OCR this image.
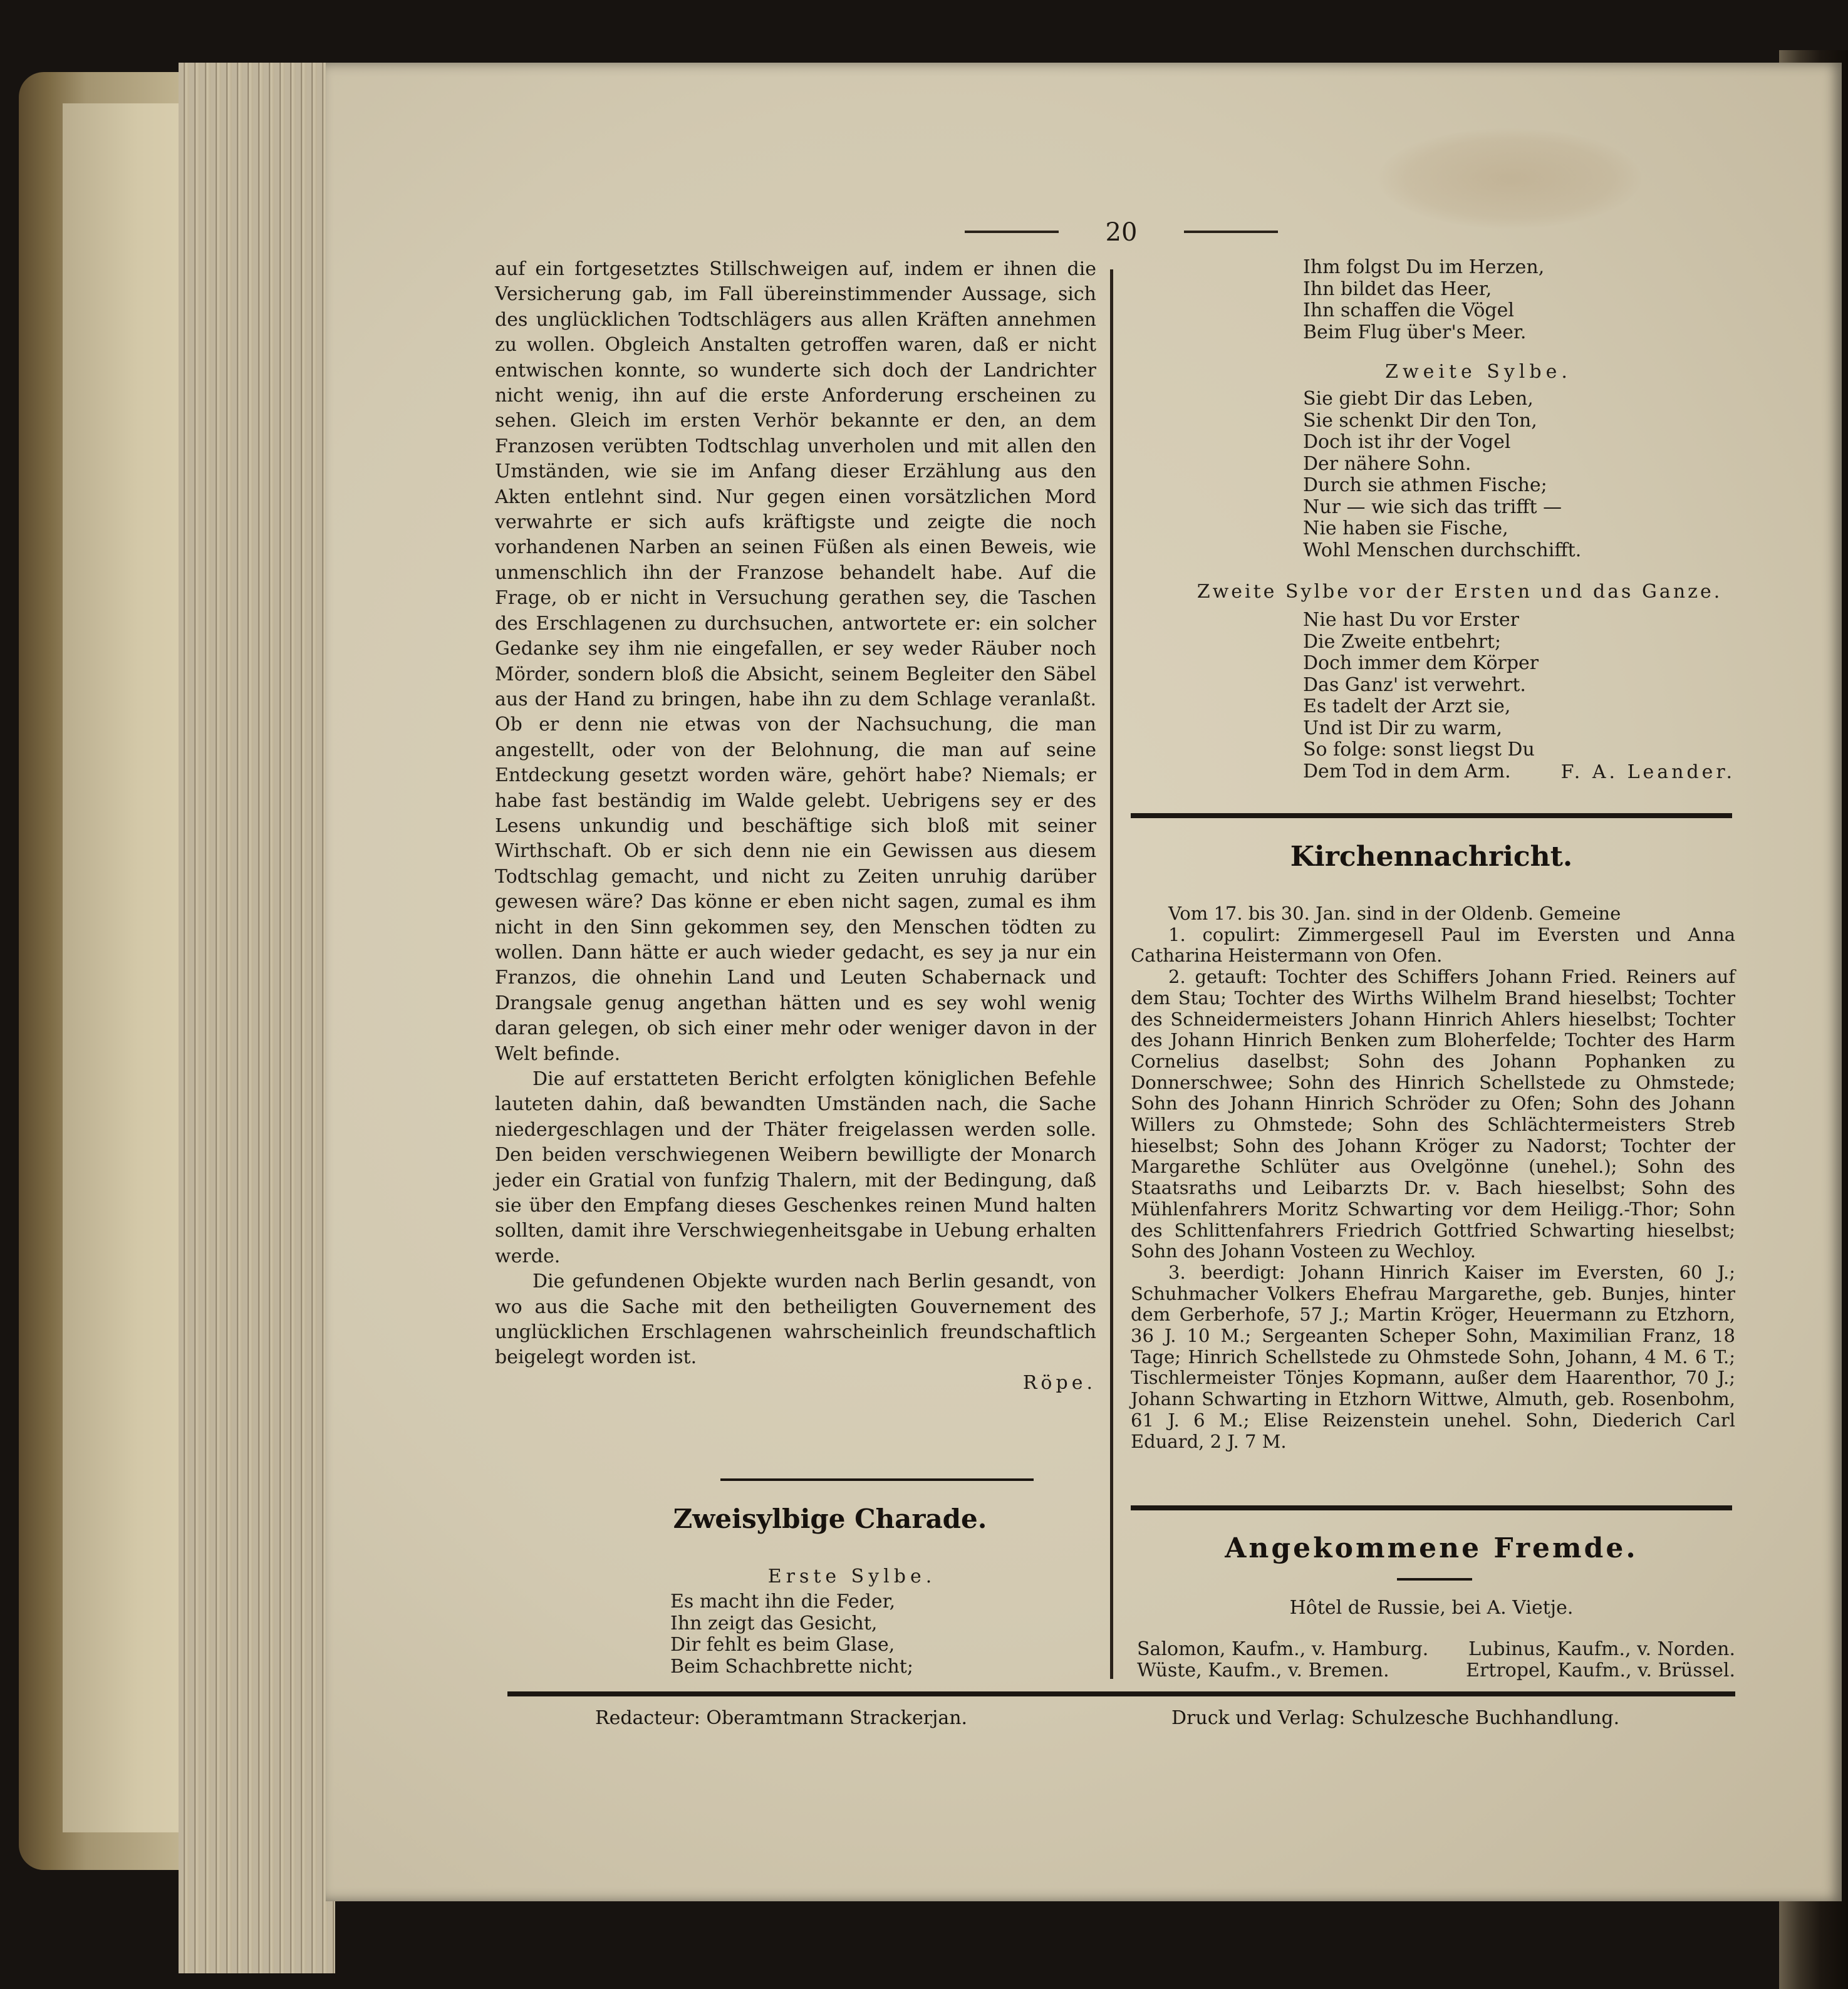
20

auf ein fortgesetztes Stillschweigen auf, indem er ihnen die Versicherung gab, im Fall übereinstimmender Aussage, sich des unglücklichen Todtschlägers aus allen Kräften annehmen zu wollen. Obgleich Anstalten getroffen waren, daß er nicht entwischen konnte, so wunderte sich doch der Landrichter nicht wenig, ihn auf die erste Anforderung erscheinen zu sehen. Gleich im ersten Verhör bekannte er den, an dem Franzosen verübten Todtschlag unverholen und mit allen den Umständen, wie sie im Anfang dieser Erzählung aus den Akten entlehnt sind. Nur gegen einen vorsätzlichen Mord verwahrte er sich aufs kräftigste und zeigte die noch vorhandenen Narben an seinen Füßen als einen Beweis, wie unmenschlich ihn der Franzose behandelt habe. Auf die Frage, ob er nicht in Versuchung gerathen sey, die Taschen des Erschlagenen zu durchsuchen, antwortete er: ein solcher Gedanke sey ihm nie eingefallen, er sey weder Räuber noch Mörder, sondern bloß die Absicht, seinem Begleiter den Säbel aus der Hand zu bringen, habe ihn zu dem Schlage veranlaßt. Ob er denn nie etwas von der Nachsuchung, die man angestellt, oder von der Belohnung, die man auf seine Entdeckung gesetzt worden wäre, gehört habe? Niemals; er habe fast beständig im Walde gelebt. Uebrigens sey er des Lesens unkundig und beschäftige sich bloß mit seiner Wirthschaft. Ob er sich denn nie ein Gewissen aus diesem Todtschlag gemacht, und nicht zu Zeiten unruhig darüber gewesen wäre? Das könne er eben nicht sagen, zumal es ihm nicht in den Sinn gekommen sey, den Menschen tödten zu wollen. Dann hätte er auch wieder gedacht, es sey ja nur ein Franzos, die ohnehin Land und Leuten Schabernack und Drangsale genug angethan hätten und es sey wohl wenig daran gelegen, ob sich einer mehr oder weniger davon in der Welt befinde.

Die auf erstatteten Bericht erfolgten königlichen Befehle lauteten dahin, daß bewandten Umständen nach, die Sache niedergeschlagen und der Thäter freigelassen werden solle. Den beiden verschwiegenen Weibern bewilligte der Monarch jeder ein Gratial von funfzig Thalern, mit der Bedingung, daß sie über den Empfang dieses Geschenkes reinen Mund halten sollten, damit ihre Verschwiegenheitsgabe in Uebung erhalten werde.

Die gefundenen Objekte wurden nach Berlin gesandt, von wo aus die Sache mit den betheiligten Gouvernement des unglücklichen Erschlagenen wahrscheinlich freundschaftlich beigelegt worden ist.

Röpe.

Zweisylbige Charade.
Erste Sylbe.
Es macht ihn die Feder,
Ihn zeigt das Gesicht,
Dir fehlt es beim Glase,
Beim Schachbrette nicht;
Ihm folgst Du im Herzen,
Ihn bildet das Heer,
Ihn schaffen die Vögel
Beim Flug über's Meer.
Zweite Sylbe.
Sie giebt Dir das Leben,
Sie schenkt Dir den Ton,
Doch ist ihr der Vogel
Der nähere Sohn.
Durch sie athmen Fische;
Nur — wie sich das trifft —
Nie haben sie Fische,
Wohl Menschen durchschifft.
Zweite Sylbe vor der Ersten und das Ganze.
Nie hast Du vor Erster
Die Zweite entbehrt;
Doch immer dem Körper
Das Ganz' ist verwehrt.
Es tadelt der Arzt sie,
Und ist Dir zu warm,
So folge: sonst liegst Du
Dem Tod in dem Arm.	F. A. Leander.
Kirchennachricht.

Vom 17. bis 30. Jan. sind in der Oldenb. Gemeine

1. copulirt: Zimmergesell Paul im Eversten und Anna Catharina Heistermann von Ofen.

2. getauft: Tochter des Schiffers Johann Fried. Reiners auf dem Stau; Tochter des Wirths Wilhelm Brand hieselbst; Tochter des Schneidermeisters Johann Hinrich Ahlers hieselbst; Tochter des Johann Hinrich Benken zum Bloherfelde; Tochter des Harm Cornelius daselbst; Sohn des Johann Pophanken zu Donnerschwee; Sohn des Hinrich Schellstede zu Ohmstede; Sohn des Johann Hinrich Schröder zu Ofen; Sohn des Johann Willers zu Ohmstede; Sohn des Schlächtermeisters Streb hieselbst; Sohn des Johann Kröger zu Nadorst; Tochter der Margarethe Schlüter aus Ovelgönne (unehel.); Sohn des Staatsraths und Leibarzts Dr. v. Bach hieselbst; Sohn des Mühlenfahrers Moritz Schwarting vor dem Heiligg.-Thor; Sohn des Schlittenfahrers Friedrich Gottfried Schwarting hieselbst; Sohn des Johann Vosteen zu Wechloy.

3. beerdigt: Johann Hinrich Kaiser im Eversten, 60 J.; Schuhmacher Volkers Ehefrau Margarethe, geb. Bunjes, hinter dem Gerberhofe, 57 J.; Martin Kröger, Heuermann zu Etzhorn, 36 J. 10 M.; Sergeanten Scheper Sohn, Maximilian Franz, 18 Tage; Hinrich Schellstede zu Ohmstede Sohn, Johann, 4 M. 6 T.; Tischlermeister Tönjes Kopmann, außer dem Haarenthor, 70 J.; Johann Schwarting in Etzhorn Wittwe, Almuth, geb. Rosenbohm, 61 J. 6 M.; Elise Reizenstein unehel. Sohn, Diederich Carl Eduard, 2 J. 7 M.

Angekommene Fremde.
Hôtel de Russie, bei A. Vietje.
Salomon, Kaufm., v. Hamburg. Lubinus, Kaufm., v. Norden.
Wüste, Kaufm., v. Bremen.	Ertropel, Kaufm., v. Brüssel.
Redacteur: Oberamtmann Strackerjan.	Druck und Verlag: Schulzesche Buchhandlung.
